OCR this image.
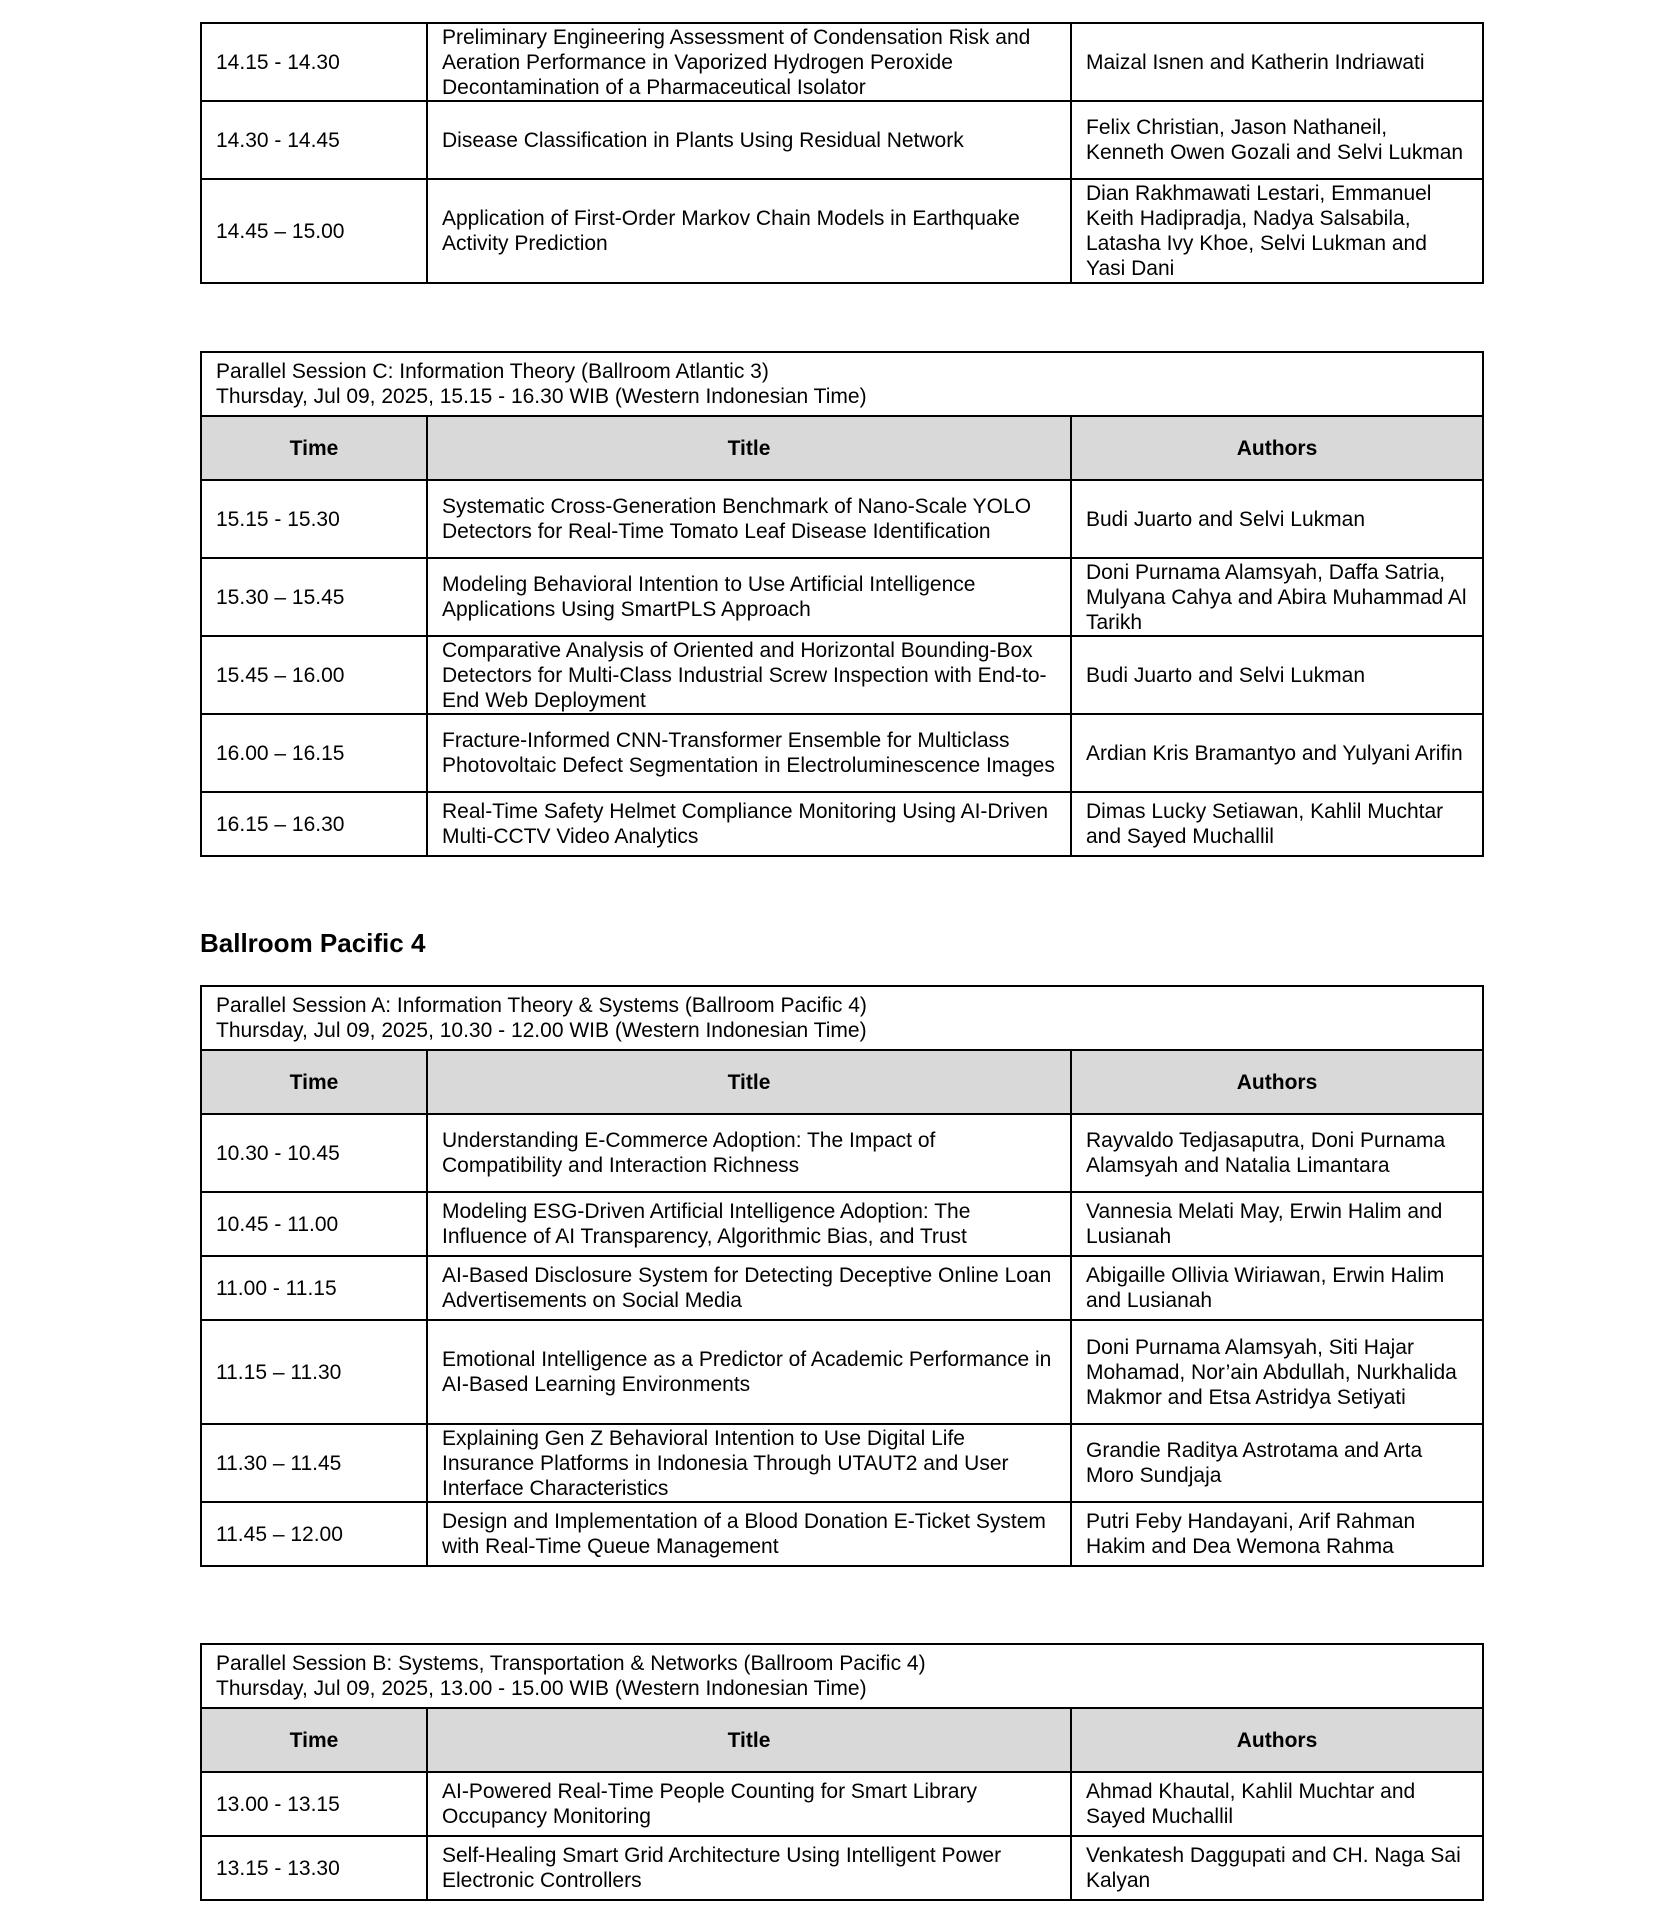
14.15 - 14.30	Preliminary Engineering Assessment of Condensation Risk and Aeration Performance in Vaporized Hydrogen Peroxide Decontamination of a Pharmaceutical Isolator	Maizal Isnen and Katherin Indriawati
14.30 - 14.45	Disease Classification in Plants Using Residual Network	Felix Christian, Jason Nathaneil, Kenneth Owen Gozali and Selvi Lukman
14.45 – 15.00	Application of First-Order Markov Chain Models in Earthquake Activity Prediction	Dian Rakhmawati Lestari, Emmanuel Keith Hadipradja, Nadya Salsabila, Latasha Ivy Khoe, Selvi Lukman and Yasi Dani
Parallel Session C: Information Theory (Ballroom Atlantic 3)
Thursday, Jul 09, 2025, 15.15 - 16.30 WIB (Western Indonesian Time)		

Time	Title	Authors
15.15 - 15.30	Systematic Cross-Generation Benchmark of Nano-Scale YOLO Detectors for Real-Time Tomato Leaf Disease Identification	Budi Juarto and Selvi Lukman
15.30 – 15.45	Modeling Behavioral Intention to Use Artificial Intelligence Applications Using SmartPLS Approach	Doni Purnama Alamsyah, Daffa Satria, Mulyana Cahya and Abira Muhammad Al Tarikh
15.45 – 16.00	Comparative Analysis of Oriented and Horizontal Bounding-Box Detectors for Multi-Class Industrial Screw Inspection with End-to-End Web Deployment	Budi Juarto and Selvi Lukman
16.00 – 16.15	Fracture-Informed CNN-Transformer Ensemble for Multiclass Photovoltaic Defect Segmentation in Electroluminescence Images	Ardian Kris Bramantyo and Yulyani Arifin
16.15 – 16.30	Real-Time Safety Helmet Compliance Monitoring Using AI-Driven Multi-CCTV Video Analytics	Dimas Lucky Setiawan, Kahlil Muchtar and Sayed Muchallil
Ballroom Pacific 4
Parallel Session A: Information Theory & Systems (Ballroom Pacific 4)
Thursday, Jul 09, 2025, 10.30 - 12.00 WIB (Western Indonesian Time)		

Time	Title	Authors
10.30 - 10.45	Understanding E-Commerce Adoption: The Impact of Compatibility and Interaction Richness	Rayvaldo Tedjasaputra, Doni Purnama Alamsyah and Natalia Limantara
10.45 - 11.00	Modeling ESG-Driven Artificial Intelligence Adoption: The Influence of AI Transparency, Algorithmic Bias, and Trust	Vannesia Melati May, Erwin Halim and Lusianah
11.00 - 11.15	AI-Based Disclosure System for Detecting Deceptive Online Loan Advertisements on Social Media	Abigaille Ollivia Wiriawan, Erwin Halim and Lusianah
11.15 – 11.30	Emotional Intelligence as a Predictor of Academic Performance in AI-Based Learning Environments	Doni Purnama Alamsyah, Siti Hajar Mohamad, Nor’ain Abdullah, Nurkhalida Makmor and Etsa Astridya Setiyati
11.30 – 11.45	Explaining Gen Z Behavioral Intention to Use Digital Life Insurance Platforms in Indonesia Through UTAUT2 and User Interface Characteristics	Grandie Raditya Astrotama and Arta Moro Sundjaja
11.45 – 12.00	Design and Implementation of a Blood Donation E-Ticket System with Real-Time Queue Management	Putri Feby Handayani, Arif Rahman Hakim and Dea Wemona Rahma
Parallel Session B: Systems, Transportation & Networks (Ballroom Pacific 4)
Thursday, Jul 09, 2025, 13.00 - 15.00 WIB (Western Indonesian Time)		

Time	Title	Authors
13.00 - 13.15	AI-Powered Real-Time People Counting for Smart Library Occupancy Monitoring	Ahmad Khautal, Kahlil Muchtar and Sayed Muchallil
13.15 - 13.30	Self-Healing Smart Grid Architecture Using Intelligent Power Electronic Controllers	Venkatesh Daggupati and CH. Naga Sai Kalyan
